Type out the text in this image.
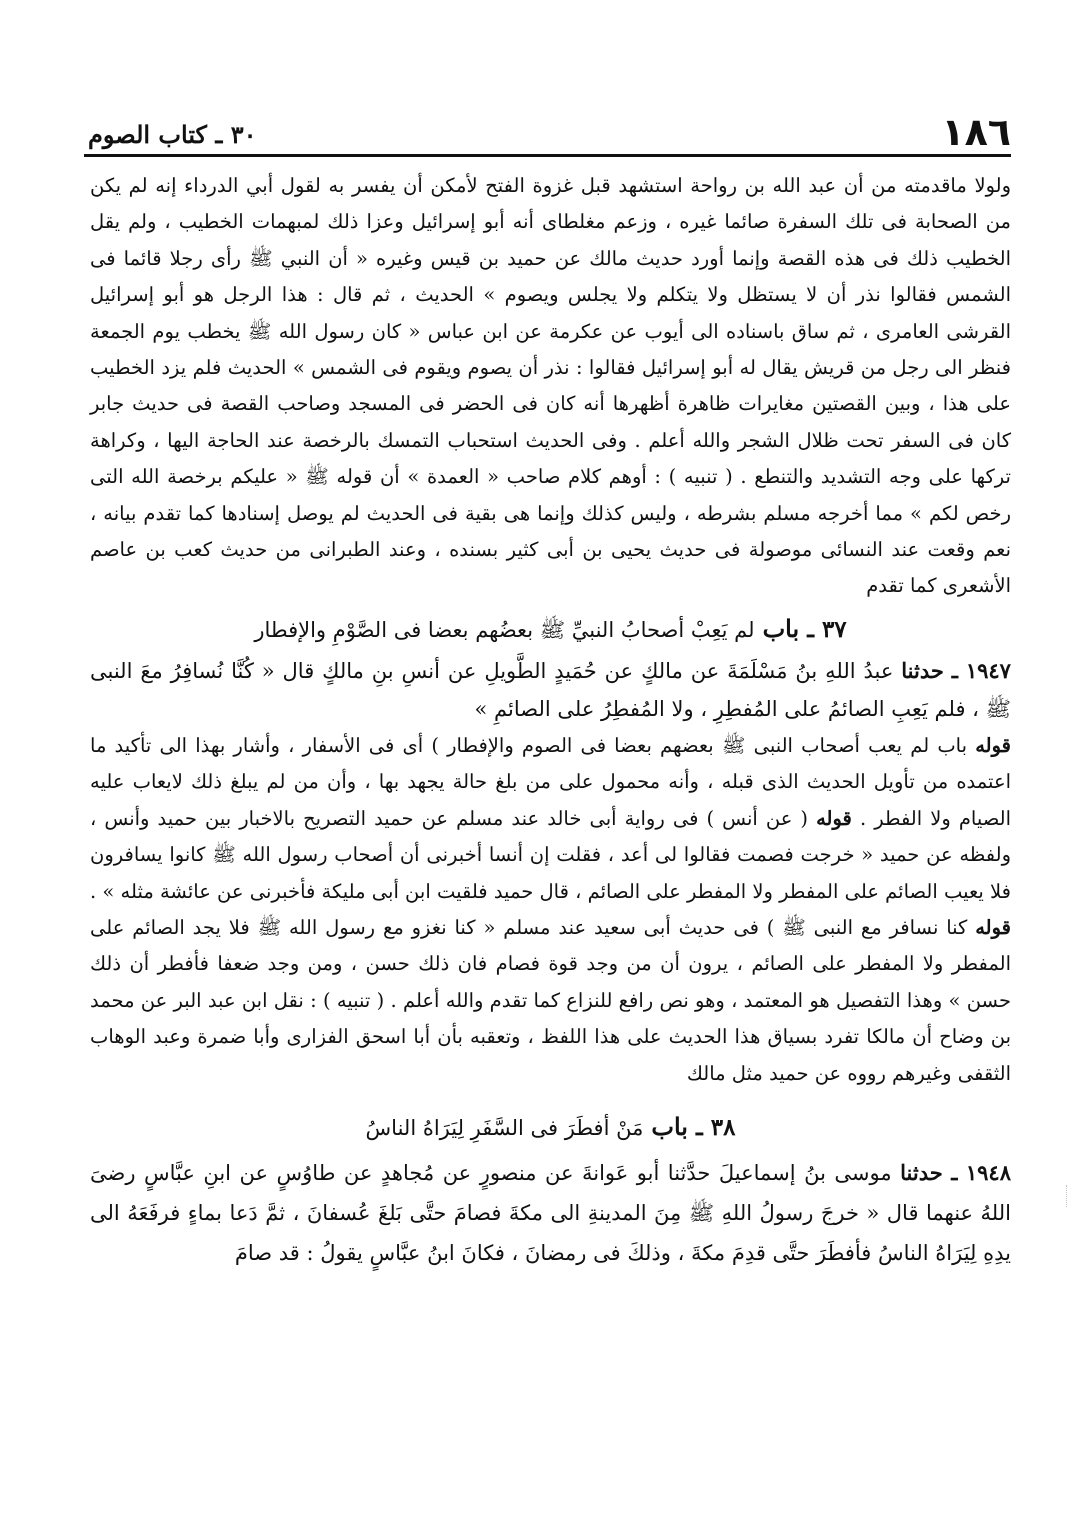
١٨٦
٣٠ ـ كتاب الصوم

ولولا ماقدمته من أن عبد الله بن رواحة استشهد قبل غزوة الفتح لأمكن أن يفسر به لقول أبي الدرداء إنه لم يكن من الصحابة فى تلك السفرة صائما غيره ، وزعم مغلطاى أنه أبو إسرائيل وعزا ذلك لمبهمات الخطيب ، ولم يقل الخطيب ذلك فى هذه القصة وإنما أورد حديث مالك عن حميد بن قيس وغيره « أن النبي ﷺ رأى رجلا قائما فى الشمس فقالوا نذر أن لا يستظل ولا يتكلم ولا يجلس ويصوم » الحديث ، ثم قال : هذا الرجل هو أبو إسرائيل القرشى العامرى ، ثم ساق باسناده الى أيوب عن عكرمة عن ابن عباس « كان رسول الله ﷺ يخطب يوم الجمعة فنظر الى رجل من قريش يقال له أبو إسرائيل فقالوا : نذر أن يصوم ويقوم فى الشمس » الحديث فلم يزد الخطيب على هذا ، وبين القصتين مغايرات ظاهرة أظهرها أنه كان فى الحضر فى المسجد وصاحب القصة فى حديث جابر كان فى السفر تحت ظلال الشجر والله أعلم . وفى الحديث استحباب التمسك بالرخصة عند الحاجة اليها ، وكراهة تركها على وجه التشديد والتنطع . ( تنبيه ) : أوهم كلام صاحب « العمدة » أن قوله ﷺ « عليكم برخصة الله التى رخص لكم » مما أخرجه مسلم بشرطه ، وليس كذلك وإنما هى بقية فى الحديث لم يوصل إسنادها كما تقدم بيانه ، نعم وقعت عند النسائى موصولة فى حديث يحيى بن أبى كثير بسنده ، وعند الطبرانى من حديث كعب بن عاصم الأشعرى كما تقدم

٣٧ ـ باب لم يَعِبْ أصحابُ النبيِّ ﷺ بعضُهم بعضا فى الصَّوْمِ والإفطار

١٩٤٧ ـ حدثنا عبدُ اللهِ بنُ مَسْلَمَةَ عن مالكٍ عن حُمَيدٍ الطَّويلِ عن أنسِ بنِ مالكٍ قال « كُنَّا نُسافِرُ معَ النبى ﷺ ، فلم يَعِبِ الصائمُ على المُفطِرِ ، ولا المُفطِرُ على الصائمِ »

قوله باب لم يعب أصحاب النبى ﷺ بعضهم بعضا فى الصوم والإفطار ) أى فى الأسفار ، وأشار بهذا الى تأكيد ما اعتمده من تأويل الحديث الذى قبله ، وأنه محمول على من بلغ حالة يجهد بها ، وأن من لم يبلغ ذلك لايعاب عليه الصيام ولا الفطر . قوله ( عن أنس ) فى رواية أبى خالد عند مسلم عن حميد التصريح بالاخبار بين حميد وأنس ، ولفظه عن حميد « خرجت فصمت فقالوا لى أعد ، فقلت إن أنسا أخبرنى أن أصحاب رسول الله ﷺ كانوا يسافرون فلا يعيب الصائم على المفطر ولا المفطر على الصائم ، قال حميد فلقيت ابن أبى مليكة فأخبرنى عن عائشة مثله » . قوله كنا نسافر مع النبى ﷺ ) فى حديث أبى سعيد عند مسلم « كنا نغزو مع رسول الله ﷺ فلا يجد الصائم على المفطر ولا المفطر على الصائم ، يرون أن من وجد قوة فصام فان ذلك حسن ، ومن وجد ضعفا فأفطر أن ذلك حسن » وهذا التفصيل هو المعتمد ، وهو نص رافع للنزاع كما تقدم والله أعلم . ( تنبيه ) : نقل ابن عبد البر عن محمد بن وضاح أن مالكا تفرد بسياق هذا الحديث على هذا اللفظ ، وتعقبه بأن أبا اسحق الفزارى وأبا ضمرة وعبد الوهاب الثقفى وغيرهم رووه عن حميد مثل مالك

٣٨ ـ باب مَنْ أفطَرَ فى السَّفَرِ لِيَرَاهُ الناسُ

١٩٤٨ ـ حدثنا موسى بنُ إسماعيلَ حدَّثنا أبو عَوانةَ عن منصورٍ عن مُجاهدٍ عن طاوُسٍ عن ابنِ عبَّاسٍ رضىَ اللهُ عنهما قال « خرجَ رسولُ اللهِ ﷺ مِنَ المدينةِ الى مكةَ فصامَ حتَّى بَلغَ عُسفانَ ، ثمَّ دَعا بماءٍ فرفَعَهُ الى يدِهِ لِيَرَاهُ الناسُ فأفطَرَ حتَّى قدِمَ مكةَ ، وذلكَ فى رمضانَ ، فكانَ ابنُ عبَّاسٍ يقولُ : قد صامَ
